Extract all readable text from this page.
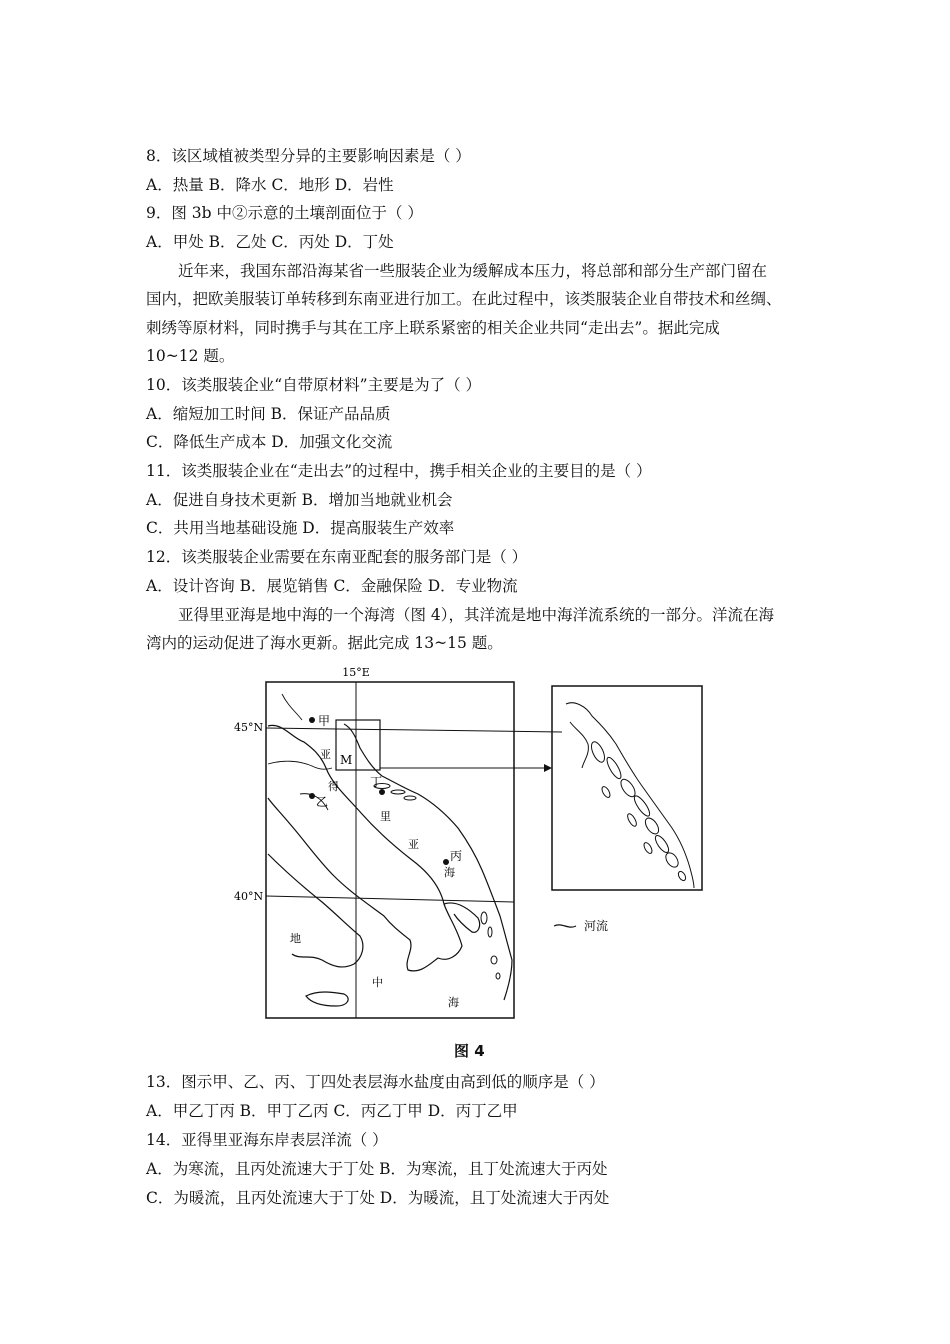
8．该区域植被类型分异的主要影响因素是（ ）
A．热量 B．降水 C．地形 D．岩性
9．图 3b 中②示意的土壤剖面位于（ ）
A．甲处 B．乙处 C．丙处 D．丁处
近年来，我国东部沿海某省一些服装企业为缓解成本压力，将总部和部分生产部门留在
国内，把欧美服装订单转移到东南亚进行加工。在此过程中，该类服装企业自带技术和丝绸、
刺绣等原材料，同时携手与其在工序上联系紧密的相关企业共同“走出去”。据此完成
10~12 题。
10．该类服装企业“自带原材料”主要是为了（ ）
A．缩短加工时间 B．保证产品品质
C．降低生产成本 D．加强文化交流
11．该类服装企业在“走出去”的过程中，携手相关企业的主要目的是（ ）
A．促进自身技术更新 B．增加当地就业机会
C．共用当地基础设施 D．提高服装生产效率
12．该类服装企业需要在东南亚配套的服务部门是（ ）
A．设计咨询 B．展览销售 C．金融保险 D．专业物流
亚得里亚海是地中海的一个海湾（图 4），其洋流是地中海洋流系统的一部分。洋流在海
湾内的运动促进了海水更新。据此完成 13~15 题。
15°E
45°N
40°N
M
甲
乙
丁
丙
亚
得
里
亚
海
地
中
海
河流
图 4
13．图示甲、乙、丙、丁四处表层海水盐度由高到低的顺序是（ ）
A．甲乙丁丙 B．甲丁乙丙 C．丙乙丁甲 D．丙丁乙甲
14．亚得里亚海东岸表层洋流（ ）
A．为寒流，且丙处流速大于丁处 B．为寒流，且丁处流速大于丙处
C．为暖流，且丙处流速大于丁处 D．为暖流，且丁处流速大于丙处
